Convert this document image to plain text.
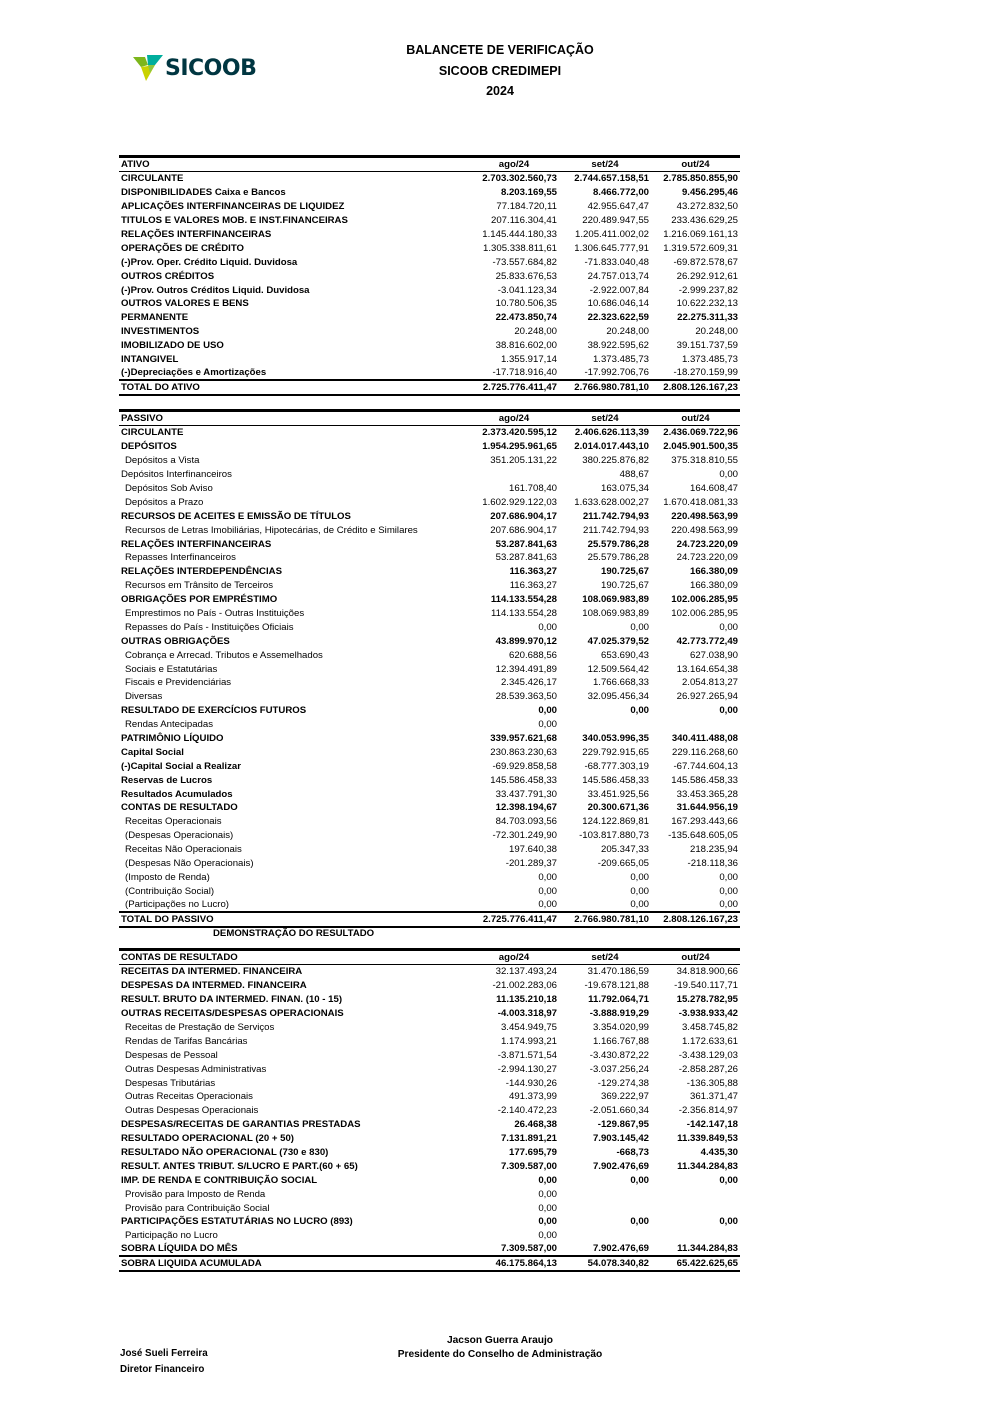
SICOOB
BALANCETE DE VERIFICAÇÃO
SICOOB CREDIMEPI
2024
ATIVO	ago/24	set/24	out/24
CIRCULANTE	2.703.302.560,73	2.744.657.158,51	2.785.850.855,90
DISPONIBILIDADES Caixa e Bancos	8.203.169,55	8.466.772,00	9.456.295,46
APLICAÇÕES INTERFINANCEIRAS DE LIQUIDEZ	77.184.720,11	42.955.647,47	43.272.832,50
TITULOS E VALORES MOB. E INST.FINANCEIRAS	207.116.304,41	220.489.947,55	233.436.629,25
RELAÇÕES INTERFINANCEIRAS	1.145.444.180,33	1.205.411.002,02	1.216.069.161,13
OPERAÇÕES DE CRÉDITO	1.305.338.811,61	1.306.645.777,91	1.319.572.609,31
(-)Prov. Oper. Crédito Liquid. Duvidosa	-73.557.684,82	-71.833.040,48	-69.872.578,67
OUTROS CRÉDITOS	25.833.676,53	24.757.013,74	26.292.912,61
(-)Prov. Outros Créditos Liquid. Duvidosa	-3.041.123,34	-2.922.007,84	-2.999.237,82
OUTROS VALORES E BENS	10.780.506,35	10.686.046,14	10.622.232,13
PERMANENTE	22.473.850,74	22.323.622,59	22.275.311,33
INVESTIMENTOS	20.248,00	20.248,00	20.248,00
IMOBILIZADO DE USO	38.816.602,00	38.922.595,62	39.151.737,59
INTANGIVEL	1.355.917,14	1.373.485,73	1.373.485,73
(-)Depreciações e Amortizações	-17.718.916,40	-17.992.706,76	-18.270.159,99
TOTAL DO ATIVO	2.725.776.411,47	2.766.980.781,10	2.808.126.167,23
PASSIVO	ago/24	set/24	out/24
CIRCULANTE	2.373.420.595,12	2.406.626.113,39	2.436.069.722,96
DEPÓSITOS	1.954.295.961,65	2.014.017.443,10	2.045.901.500,35
Depósitos a Vista	351.205.131,22	380.225.876,82	375.318.810,55
Depósitos Interfinanceiros		488,67	0,00
Depósitos Sob Aviso	161.708,40	163.075,34	164.608,47
Depósitos a Prazo	1.602.929.122,03	1.633.628.002,27	1.670.418.081,33
RECURSOS DE ACEITES E EMISSÃO DE TÍTULOS	207.686.904,17	211.742.794,93	220.498.563,99
Recursos de Letras Imobiliárias, Hipotecárias, de Crédito e Similares	207.686.904,17	211.742.794,93	220.498.563,99
RELAÇÕES INTERFINANCEIRAS	53.287.841,63	25.579.786,28	24.723.220,09
Repasses Interfinanceiros	53.287.841,63	25.579.786,28	24.723.220,09
RELAÇÕES INTERDEPENDÊNCIAS	116.363,27	190.725,67	166.380,09
Recursos em Trânsito de Terceiros	116.363,27	190.725,67	166.380,09
OBRIGAÇÕES POR EMPRÉSTIMO	114.133.554,28	108.069.983,89	102.006.285,95
Emprestimos no País - Outras Instituições	114.133.554,28	108.069.983,89	102.006.285,95
Repasses do País - Instituições Oficiais	0,00	0,00	0,00
OUTRAS OBRIGAÇÕES	43.899.970,12	47.025.379,52	42.773.772,49
Cobrança e Arrecad. Tributos e Assemelhados	620.688,56	653.690,43	627.038,90
Sociais e Estatutárias	12.394.491,89	12.509.564,42	13.164.654,38
Fiscais e Previdenciárias	2.345.426,17	1.766.668,33	2.054.813,27
Diversas	28.539.363,50	32.095.456,34	26.927.265,94
RESULTADO DE EXERCÍCIOS FUTUROS	0,00	0,00	0,00
Rendas Antecipadas	0,00		
PATRIMÔNIO LÍQUIDO	339.957.621,68	340.053.996,35	340.411.488,08
Capital Social	230.863.230,63	229.792.915,65	229.116.268,60
(-)Capital Social a Realizar	-69.929.858,58	-68.777.303,19	-67.744.604,13
Reservas de Lucros	145.586.458,33	145.586.458,33	145.586.458,33
Resultados Acumulados	33.437.791,30	33.451.925,56	33.453.365,28
CONTAS DE RESULTADO	12.398.194,67	20.300.671,36	31.644.956,19
Receitas Operacionais	84.703.093,56	124.122.869,81	167.293.443,66
(Despesas Operacionais)	-72.301.249,90	-103.817.880,73	-135.648.605,05
Receitas Não Operacionais	197.640,38	205.347,33	218.235,94
(Despesas Não Operacionais)	-201.289,37	-209.665,05	-218.118,36
(Imposto de Renda)	0,00	0,00	0,00
(Contribuição Social)	0,00	0,00	0,00
(Participações no Lucro)	0,00	0,00	0,00
TOTAL DO PASSIVO	2.725.776.411,47	2.766.980.781,10	2.808.126.167,23
DEMONSTRAÇÃO DO RESULTADO
CONTAS DE RESULTADO	ago/24	set/24	out/24
RECEITAS DA INTERMED. FINANCEIRA	32.137.493,24	31.470.186,59	34.818.900,66
DESPESAS DA INTERMED. FINANCEIRA	-21.002.283,06	-19.678.121,88	-19.540.117,71
RESULT. BRUTO DA INTERMED. FINAN. (10 - 15)	11.135.210,18	11.792.064,71	15.278.782,95
OUTRAS RECEITAS/DESPESAS OPERACIONAIS	-4.003.318,97	-3.888.919,29	-3.938.933,42
Receitas de Prestação de Serviços	3.454.949,75	3.354.020,99	3.458.745,82
Rendas de Tarifas Bancárias	1.174.993,21	1.166.767,88	1.172.633,61
Despesas de Pessoal	-3.871.571,54	-3.430.872,22	-3.438.129,03
Outras Despesas Administrativas	-2.994.130,27	-3.037.256,24	-2.858.287,26
Despesas Tributárias	-144.930,26	-129.274,38	-136.305,88
Outras Receitas Operacionais	491.373,99	369.222,97	361.371,47
Outras Despesas Operacionais	-2.140.472,23	-2.051.660,34	-2.356.814,97
DESPESAS/RECEITAS DE GARANTIAS PRESTADAS	26.468,38	-129.867,95	-142.147,18
RESULTADO OPERACIONAL (20 + 50)	7.131.891,21	7.903.145,42	11.339.849,53
RESULTADO NÃO OPERACIONAL (730 e 830)	177.695,79	-668,73	4.435,30
RESULT. ANTES TRIBUT. S/LUCRO E PART.(60 + 65)	7.309.587,00	7.902.476,69	11.344.284,83
IMP. DE RENDA E CONTRIBUIÇÃO SOCIAL	0,00	0,00	0,00
Provisão para Imposto de Renda	0,00		
Provisão para Contribuição Social	0,00		
PARTICIPAÇÕES ESTATUTÁRIAS NO LUCRO (893)	0,00	0,00	0,00
Participação no Lucro	0,00		
SOBRA LÍQUIDA DO MÊS	7.309.587,00	7.902.476,69	11.344.284,83
SOBRA LIQUIDA ACUMULADA	46.175.864,13	54.078.340,82	65.422.625,65
José Sueli Ferreira
Diretor Financeiro
Jacson Guerra Araujo
Presidente do Conselho de Administração
